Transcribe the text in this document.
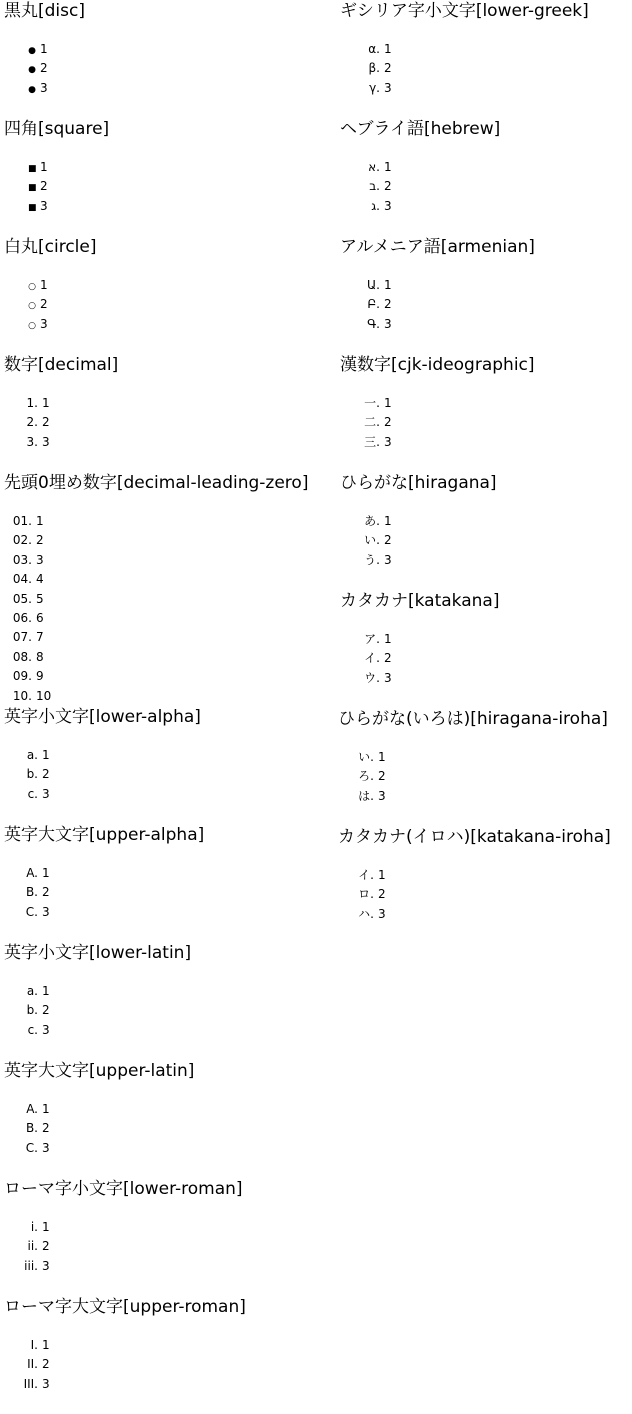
黒丸[disc]
● 1
● 2
● 3
四角[square]
■ 1
■ 2
■ 3
白丸[circle]
○ 1
○ 2
○ 3
数字[decimal]
1. 1
2. 2
3. 3
先頭0埋め数字[decimal-leading-zero]
01. 1
02. 2
03. 3
04. 4
05. 5
06. 6
07. 7
08. 8
09. 9
10. 10
英字小文字[lower-alpha]
a. 1
b. 2
c. 3
英字大文字[upper-alpha]
A. 1
B. 2
C. 3
英字小文字[lower-latin]
a. 1
b. 2
c. 3
英字大文字[upper-latin]
A. 1
B. 2
C. 3
ローマ字小文字[lower-roman]
i. 1
ii. 2
iii. 3
ローマ字大文字[upper-roman]
I. 1
II. 2
III. 3
ギシリア字小文字[lower-greek]
α. 1
β. 2
γ. 3
ヘブライ語[hebrew]
א. 1
ב. 2
ג. 3
アルメニア語[armenian]
Ա. 1
Բ. 2
Գ. 3
漢数字[cjk-ideographic]
一. 1
二. 2
三. 3
ひらがな[hiragana]
あ. 1
い. 2
う. 3
カタカナ[katakana]
ア. 1
イ. 2
ウ. 3
ひらがな(いろは)[hiragana-iroha]
い. 1
ろ. 2
は. 3
カタカナ(イロハ)[katakana-iroha]
イ. 1
ロ. 2
ハ. 3
